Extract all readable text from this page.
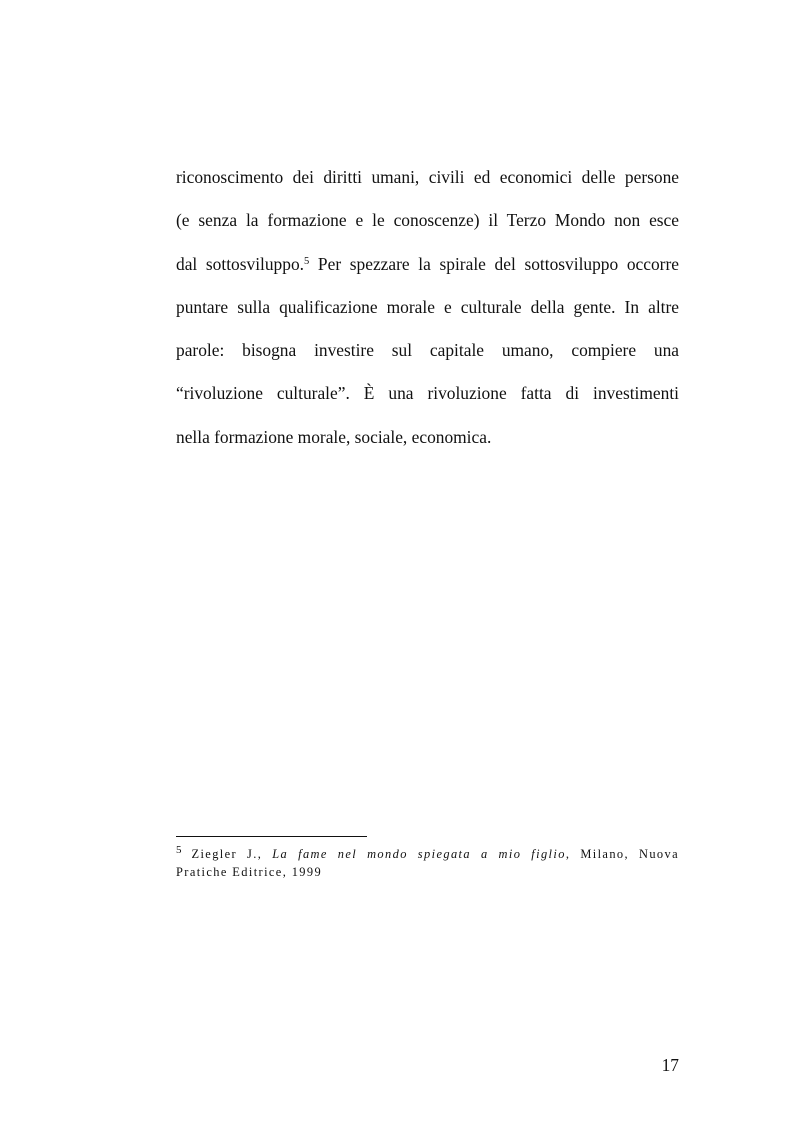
riconoscimento dei diritti umani, civili ed economici delle persone
(e senza la formazione e le conoscenze) il Terzo Mondo non esce
dal sottosviluppo.$^5$ Per spezzare la spirale del sottosviluppo occorre
puntare sulla qualificazione morale e culturale della gente. In altre
parole: bisogna investire sul capitale umano, compiere una
“rivoluzione culturale”. È una rivoluzione fatta di investimenti
nella formazione morale, sociale, economica.
5 Ziegler J., La fame nel mondo spiegata a mio figlio, Milano, Nuova
Pratiche Editrice, 1999
17
